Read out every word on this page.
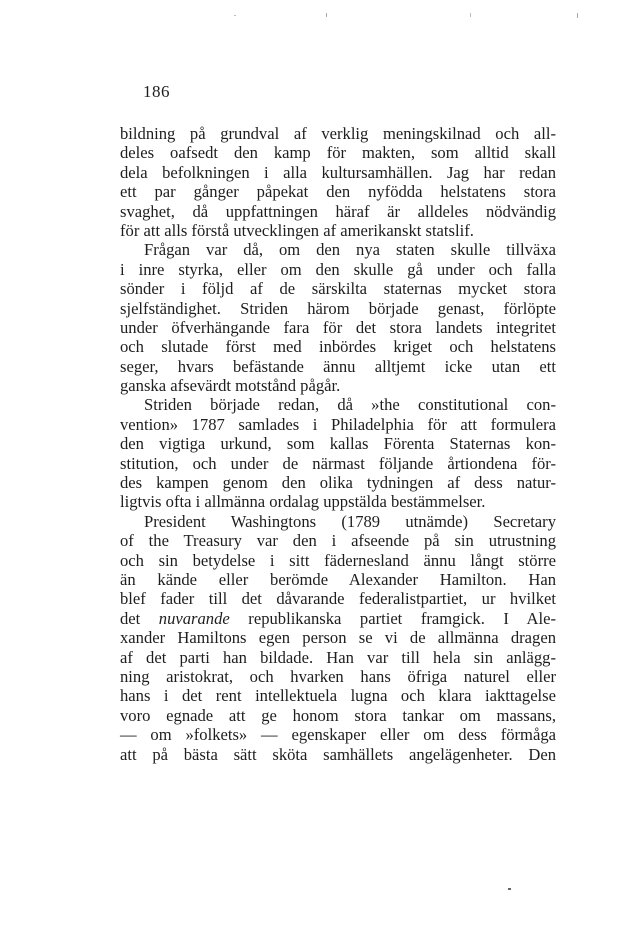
186
bildning på grundval af verklig meningskilnad och all-
deles oafsedt den kamp för makten, som alltid skall
dela befolkningen i alla kultursamhällen. Jag har redan
ett par gånger påpekat den nyfödda helstatens stora
svaghet, då uppfattningen häraf är alldeles nödvändig
för att alls förstå utvecklingen af amerikanskt statslif.
Frågan var då, om den nya staten skulle tillväxa
i inre styrka, eller om den skulle gå under och falla
sönder i följd af de särskilta staternas mycket stora
sjelfständighet. Striden härom började genast, förlöpte
under öfverhängande fara för det stora landets integritet
och slutade först med inbördes kriget och helstatens
seger, hvars befästande ännu alltjemt icke utan ett
ganska afsevärdt motstånd pågår.
Striden började redan, då »the constitutional con-
vention» 1787 samlades i Philadelphia för att formulera
den vigtiga urkund, som kallas Förenta Staternas kon-
stitution, och under de närmast följande årtiondena för-
des kampen genom den olika tydningen af dess natur-
ligtvis ofta i allmänna ordalag uppstälda bestämmelser.
President Washingtons (1789 utnämde) Secretary
of the Treasury var den i afseende på sin utrustning
och sin betydelse i sitt fädernesland ännu långt större
än kände eller berömde Alexander Hamilton. Han
blef fader till det dåvarande federalistpartiet, ur hvilket
det nuvarande republikanska partiet framgick. I Ale-
xander Hamiltons egen person se vi de allmänna dragen
af det parti han bildade. Han var till hela sin anlägg-
ning aristokrat, och hvarken hans öfriga naturel eller
hans i det rent intellektuela lugna och klara iakttagelse
voro egnade att ge honom stora tankar om massans,
— om »folkets» — egenskaper eller om dess förmåga
att på bästa sätt sköta samhällets angelägenheter. Den
